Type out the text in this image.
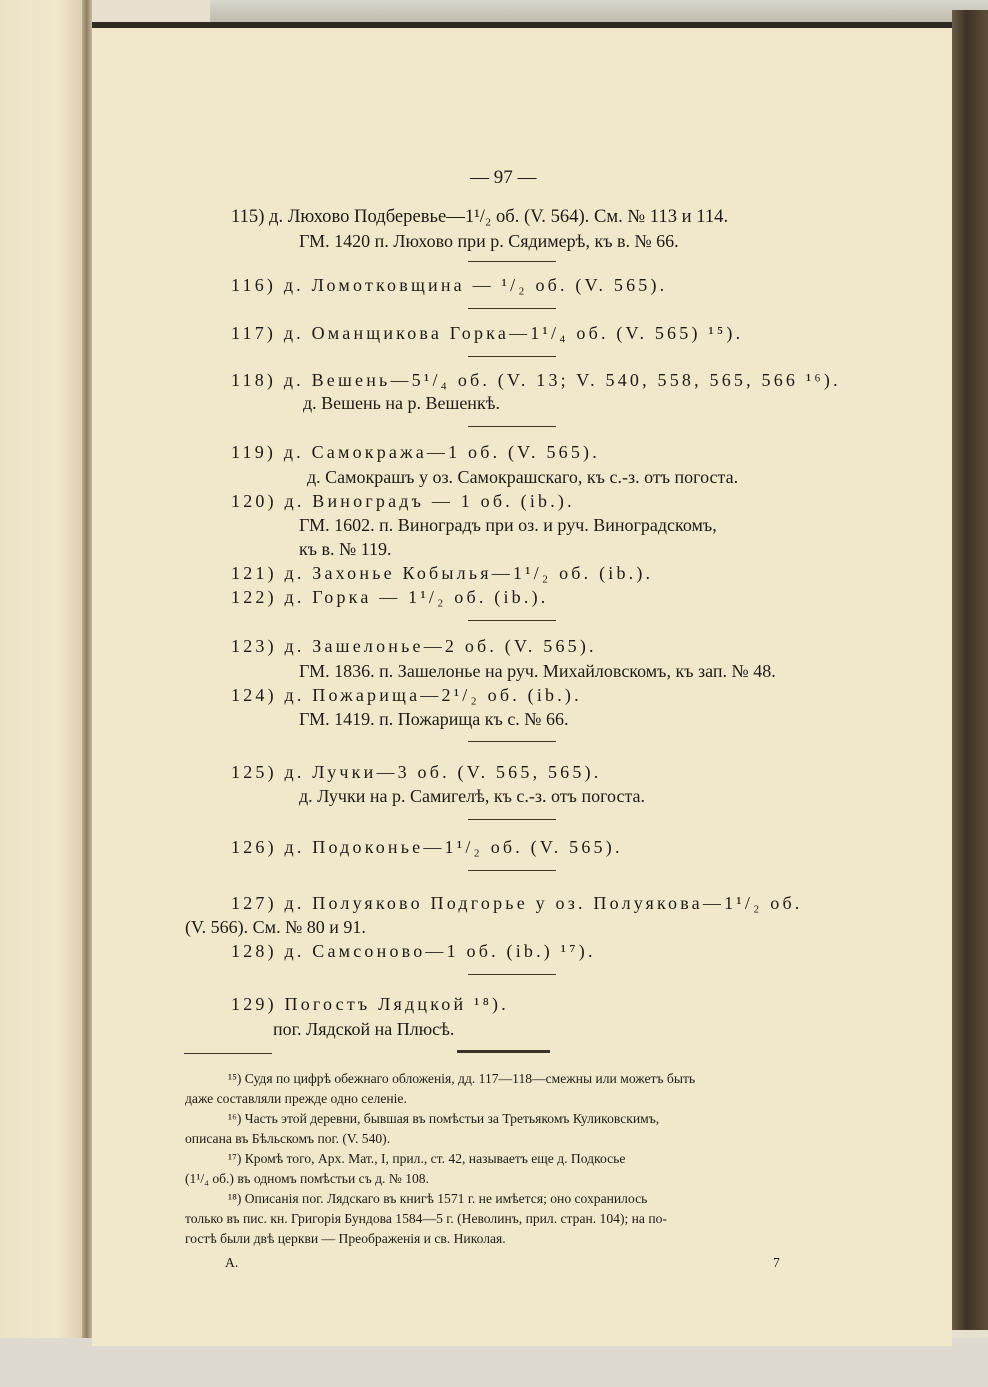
— 97 —
115) д. Люхово Подберевье—1¹/₂ об. (V. 564). См. № 113 и 114.
ГМ. 1420 п. Люхово при р. Сядимерѣ, къ в. № 66.
116) д. Ломотковщина — ¹/₂ об. (V. 565).
117) д. Оманщикова Горка—1¹/₄ об. (V. 565) ¹⁵).
118) д. Вешень—5¹/₄ об. (V. 13; V. 540, 558, 565, 566 ¹⁶).
д. Вешень на р. Вешенкѣ.
119) д. Самокража—1 об. (V. 565).
д. Самокрашъ у оз. Самокрашскаго, къ с.-з. отъ погоста.
120) д. Виноградъ — 1 об. (ib.).
ГМ. 1602. п. Виноградъ при оз. и руч. Виноградскомъ,
къ в. № 119.
121) д. Захонье Кобылья—1¹/₂ об. (ib.).
122) д. Горка — 1¹/₂ об. (ib.).
123) д. Зашелонье—2 об. (V. 565).
ГМ. 1836. п. Зашелонье на руч. Михайловскомъ, къ зап. № 48.
124) д. Пожарища—2¹/₂ об. (ib.).
ГМ. 1419. п. Пожарища къ с. № 66.
125) д. Лучки—3 об. (V. 565, 565).
д. Лучки на р. Самигелѣ, къ с.-з. отъ погоста.
126) д. Подоконье—1¹/₂ об. (V. 565).
127) д. Полуяково Подгорье у оз. Полуякова—1¹/₂ об.
(V. 566). См. № 80 и 91.
128) д. Самсоново—1 об. (ib.) ¹⁷).
129) Погостъ Лядцкой ¹⁸).
пог. Лядской на Плюсѣ.
¹⁵) Судя по цифрѣ обежнаго обложенія, дд. 117—118—смежны или можетъ быть
даже составляли прежде одно селеніе.
¹⁶) Часть этой деревни, бывшая въ помѣстьи за Третьякомъ Куликовскимъ,
описана въ Бѣльскомъ пог. (V. 540).
¹⁷) Кромѣ того, Арх. Мат., I, прил., ст. 42, называетъ еще д. Подкосье
(1¹/₄ об.) въ одномъ помѣстьи съ д. № 108.
¹⁸) Описанія пог. Лядскаго въ книгѣ 1571 г. не имѣется; оно сохранилось
только въ пис. кн. Григорія Бундова 1584—5 г. (Неволинъ, прил. стран. 104); на по-
гостѣ были двѣ церкви — Преображенія и св. Николая.
А.	7
